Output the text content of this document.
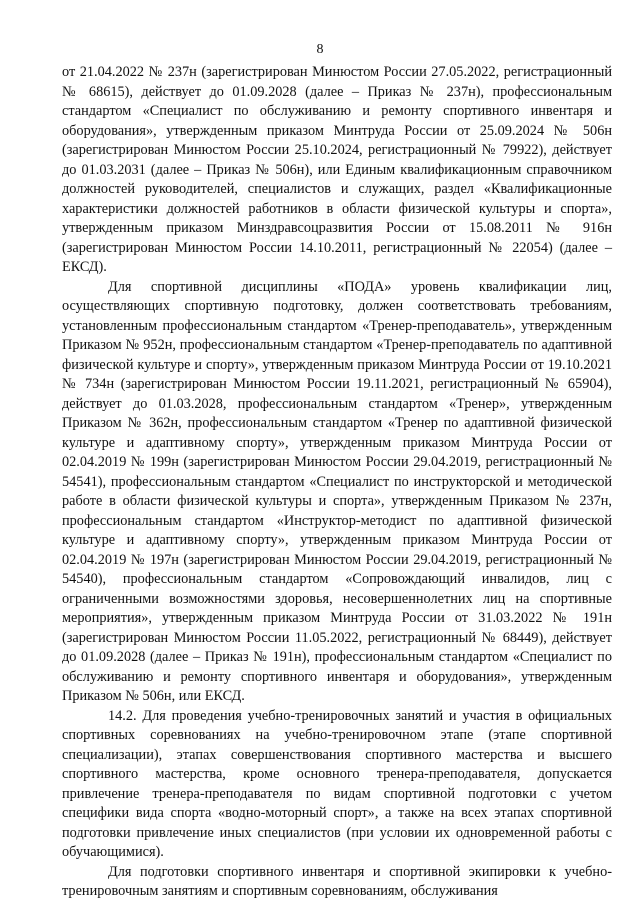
8

от 21.04.2022 № 237н (зарегистрирован Минюстом России 27.05.2022, регистрационный № 68615), действует до 01.09.2028 (далее – Приказ № 237н), профессиональным стандартом «Специалист по обслуживанию и ремонту спортивного инвентаря и оборудования», утвержденным приказом Минтруда России от 25.09.2024 № 506н (зарегистрирован Минюстом России 25.10.2024, регистрационный № 79922), действует до 01.03.2031 (далее – Приказ № 506н), или Единым квалификационным справочником должностей руководителей, специалистов и служащих, раздел «Квалификационные характеристики должностей работников в области физической культуры и спорта», утвержденным приказом Минздравсоцразвития России от 15.08.2011 № 916н (зарегистрирован Минюстом России 14.10.2011, регистрационный № 22054) (далее – ЕКСД).

Для спортивной дисциплины «ПОДА» уровень квалификации лиц, осуществляющих спортивную подготовку, должен соответствовать требованиям, установленным профессиональным стандартом «Тренер-преподаватель», утвержденным Приказом № 952н, профессиональным стандартом «Тренер-преподаватель по адаптивной физической культуре и спорту», утвержденным приказом Минтруда России от 19.10.2021 № 734н (зарегистрирован Минюстом России 19.11.2021, регистрационный № 65904), действует до 01.03.2028, профессиональным стандартом «Тренер», утвержденным Приказом № 362н, профессиональным стандартом «Тренер по адаптивной физической культуре и адаптивному спорту», утвержденным приказом Минтруда России от 02.04.2019 № 199н (зарегистрирован Минюстом России 29.04.2019, регистрационный № 54541), профессиональным стандартом «Специалист по инструкторской и методической работе в области физической культуры и спорта», утвержденным Приказом № 237н, профессиональным стандартом «Инструктор-методист по адаптивной физической культуре и адаптивному спорту», утвержденным приказом Минтруда России от 02.04.2019 № 197н (зарегистрирован Минюстом России 29.04.2019, регистрационный № 54540), профессиональным стандартом «Сопровождающий инвалидов, лиц с ограниченными возможностями здоровья, несовершеннолетних лиц на спортивные мероприятия», утвержденным приказом Минтруда России от 31.03.2022 № 191н (зарегистрирован Минюстом России 11.05.2022, регистрационный № 68449), действует до 01.09.2028 (далее – Приказ № 191н), профессиональным стандартом «Специалист по обслуживанию и ремонту спортивного инвентаря и оборудования», утвержденным Приказом № 506н, или ЕКСД.

14.2. Для проведения учебно-тренировочных занятий и участия в официальных спортивных соревнованиях на учебно-тренировочном этапе (этапе спортивной специализации), этапах совершенствования спортивного мастерства и высшего спортивного мастерства, кроме основного тренера-преподавателя, допускается привлечение тренера-преподавателя по видам спортивной подготовки с учетом специфики вида спорта «водно-моторный спорт», а также на всех этапах спортивной подготовки привлечение иных специалистов (при условии их одновременной работы с обучающимися).

Для подготовки спортивного инвентаря и спортивной экипировки к учебно-тренировочным занятиям и спортивным соревнованиям, обслуживания
